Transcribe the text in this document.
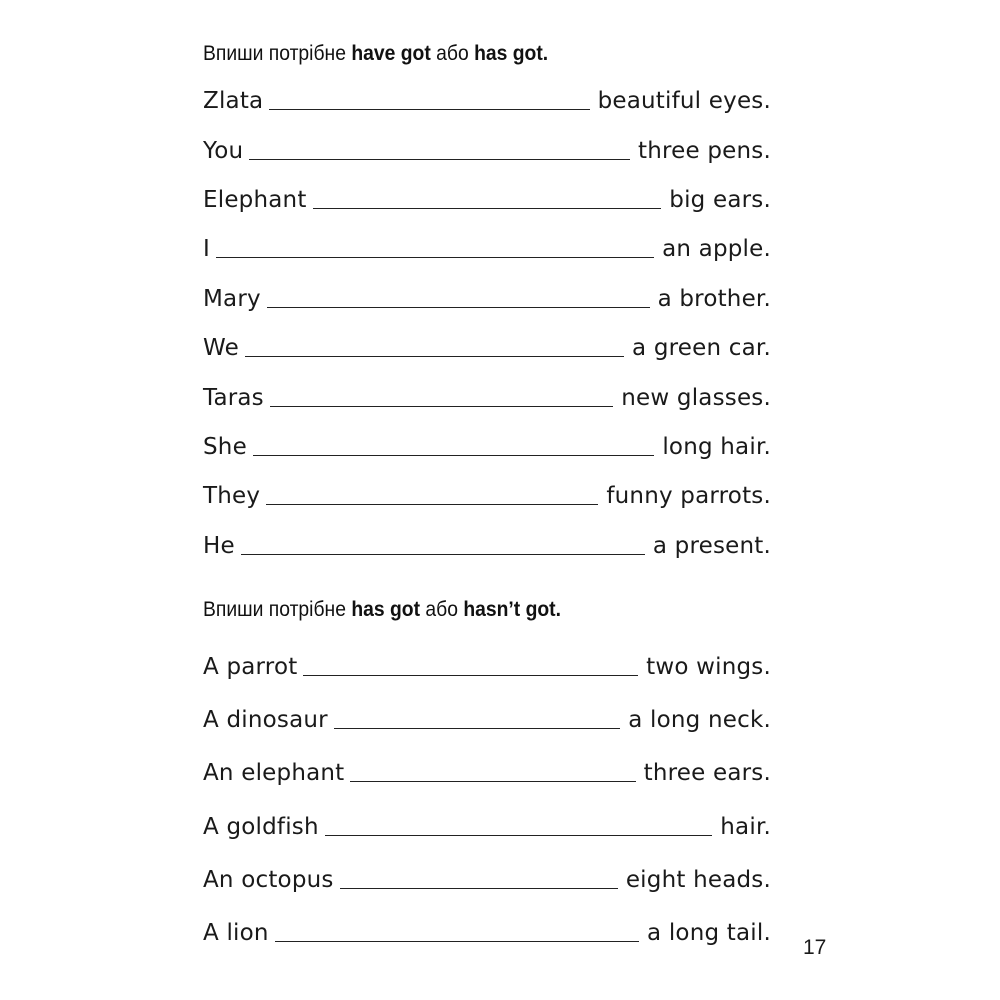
Впиши потрібне have got або has got.
Zlata	beautiful eyes.
You	three pens.
Elephant	big ears.
I	an apple.
Mary	a brother.
We	a green car.
Taras	new glasses.
She	long hair.
They	funny parrots.
He	a present.
Впиши потрібне has got або hasn’t got.
A parrot	two wings.
A dinosaur	a long neck.
An elephant	three ears.
A goldfish	hair.
An octopus	eight heads.
A lion	a long tail.
17
